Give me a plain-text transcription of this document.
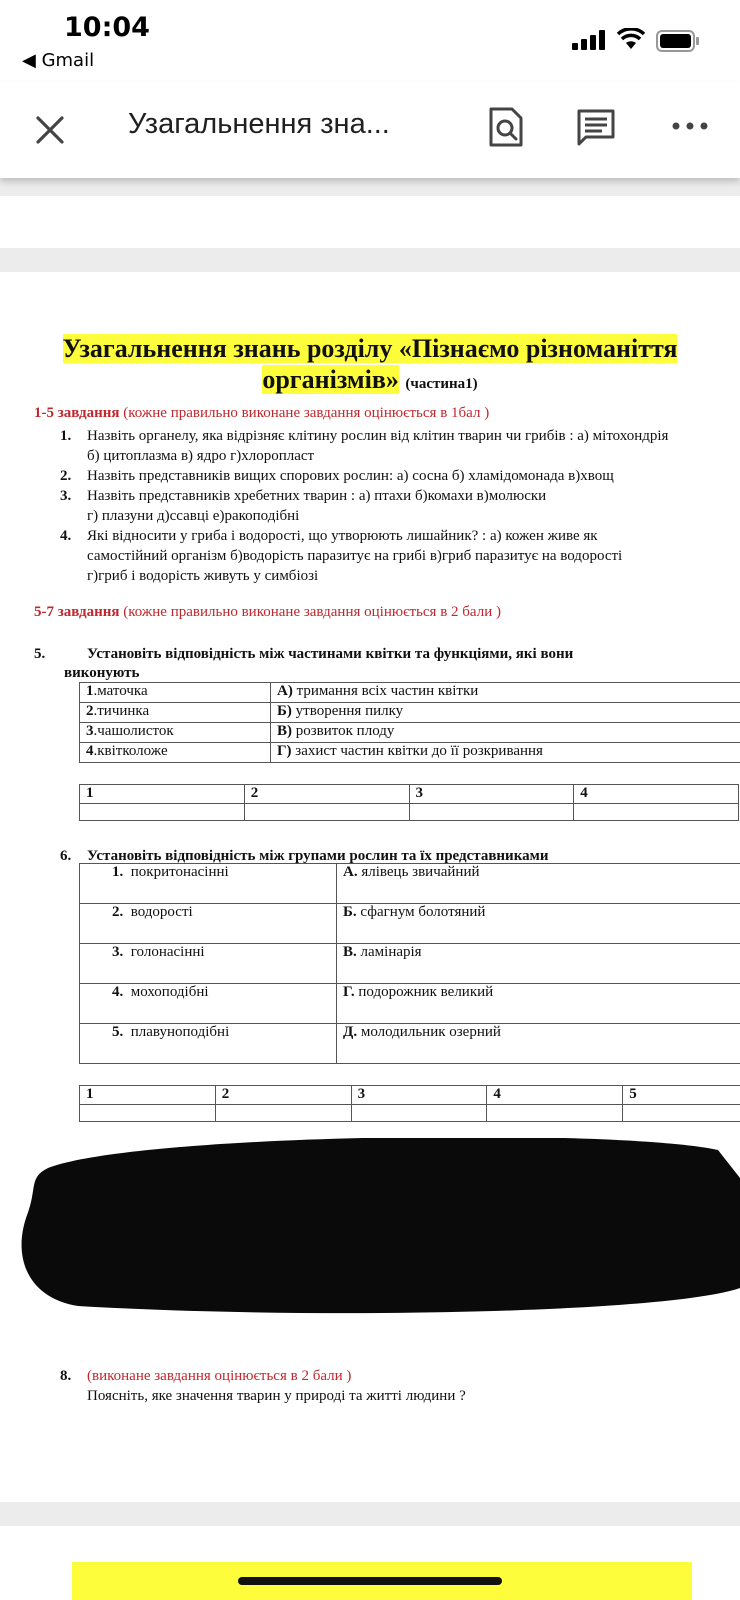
10:04
◀ Gmail
Узагальнення зна...
Узагальнення знань розділу «Пізнаємо різноманіття
організмів» (частина1)
1-5 завдання (кожне правильно виконане завдання оцінюється в 1бал )
1. Назвіть органелу, яка відрізняє клітину рослин від клітин тварин чи грибів : а) мітохондрія
б) цитоплазма в) ядро г)хлоропласт
2. Назвіть представників вищих спорових рослин: а) сосна б) хламідомонада в)хвощ
3. Назвіть представників хребетних тварин : а) птахи б)комахи в)молюски
г) плазуни д)ссавці е)ракоподібні
4. Які відносити у гриба і водорості, що утворюють лишайник? : а) кожен живе як
самостійний організм б)водорість паразитує на грибі в)гриб паразитує на водорості
г)гриб і водорість живуть у симбіозі
5-7 завдання (кожне правильно виконане завдання оцінюється в 2 бали )
5.	Установіть відповідність між частинами квітки та функціями, які вони
виконують
1.маточка	А) тримання всіх частин квітки
2.тичинка	Б) утворення пилку
3.чашолисток	В) розвиток плоду
4.квітколоже	Г) захист частин квітки до її розкривання
1	2	3	4

6. Установіть відповідність між групами рослин та їх представниками
1. покритонасінні	А. ялівець звичайний
2. водорості	Б. сфагнум болотяний
3. голонасінні	В. ламінарія
4. мохоподібні	Г. подорожник великий
5. плавуноподібні	Д. молодильник озерний
1	2	3	4	5

8. (виконане завдання оцінюється в 2 бали )
Поясніть, яке значення тварин у природі та житті людини ?
